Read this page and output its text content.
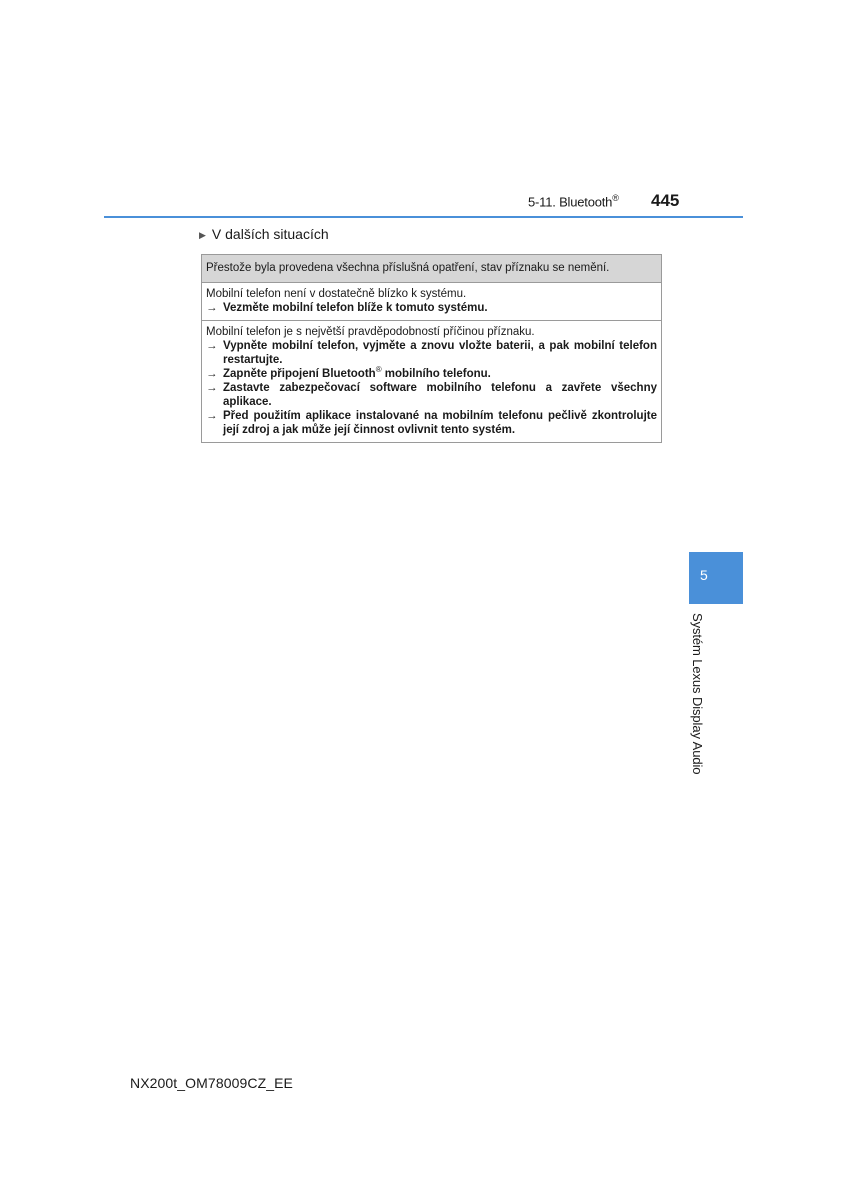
5-11. Bluetooth® 445
▶ V dalších situacích
Přestože byla provedena všechna příslušná opatření, stav příznaku se nemění.
Mobilní telefon není v dostatečně blízko k systému.
→ Vezměte mobilní telefon blíže k tomuto systému.
Mobilní telefon je s největší pravděpodobností příčinou příznaku.
→ Vypněte mobilní telefon, vyjměte a znovu vložte baterii, a pak mobilní telefon restartujte.
→ Zapněte připojení Bluetooth® mobilního telefonu.
→ Zastavte zabezpečovací software mobilního telefonu a zavřete všechny aplikace.
→ Před použitím aplikace instalované na mobilním telefonu pečlivě zkontrolujte její zdroj a jak může její činnost ovlivnit tento systém.
5
Systém Lexus Display Audio
NX200t_OM78009CZ_EE
